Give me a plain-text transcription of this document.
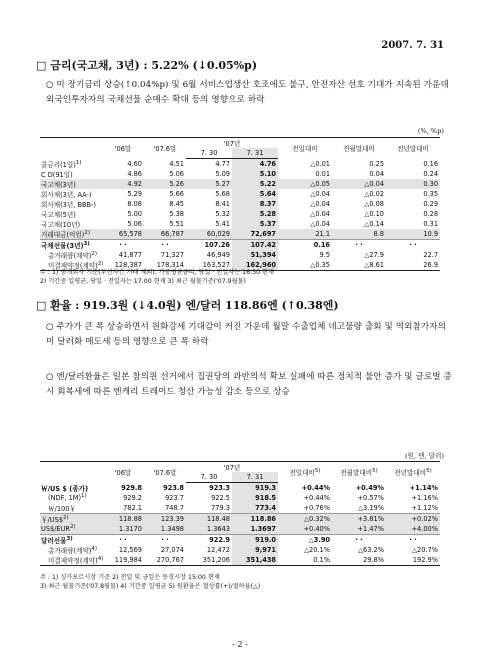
2007. 7. 31
□ 금리(국고채, 3년) : 5.22% (↓0.05%p)
○ 미 장기금리 상승(↑0.04%p) 및 6월 서비스업생산 호조에도 불구, 안전자산 선호 기대가 지속된 가운데 외국인투자자의 국채선물 순매수 확대 등의 영향으로 하락
(%, %p)
	'06말	'07.6말	'07년		전일대비	전월말대비	전년말대비
			7. 30	7. 31			
콜금리(1일)$^{1)}$	4.60	4.51	4.77	4.76	△0.01	0.25	0.16
C D(91일)	4.86	5.06	5.09	5.10	0.01	0.04	0.24
국고채(3년)	4.92	5.26	5.27	5.22	△0.05	△0.04	0.30
회사채(3년, AA-)	5.29	5.66	5.68	5.64	△0.04	△0.02	0.35
회사채(3년, BBB-)	8.08	8.45	8.41	8.37	△0.04	△0.08	0.29
국고채(5년)	5.00	5.38	5.32	5.28	△0.04	△0.10	0.28
국고채(10년)	5.06	5.51	5.41	5.37	△0.04	△0.14	0.31
거래대금(억원)$^{2)}$	65,578	66,787	60,029	72,697	21.1	8.8	10.9
국채선물(3년)$^{3)}$	· ·	· ·	107.26	107.42	0.16	· ·	· ·
총거래량(계약)$^{2)}$	41,877	71,327	46,949	51,394	9.5	△27.9	22.7
미결제약정(계약)$^{2)}$	128,387	178,314	163,527	162,960	△0.35	△8.61	26.9
주 : 1) 중개회사 기준(투신사간 거래 제외), 가중평균금리, 당일 · 전일자는 16:30 현재
2) 기간중 일평균, 당일 · 전일자는 17:00 현재 3) 최근 월물기준('07.9월물)
□ 환율 : 919.3원 (↓4.0원) 엔/달러 118.86엔 (↑0.38엔)
○ 주가가 큰 폭 상승하면서 원화강세 기대감이 커진 가운데 월말 수출업체 네고물량 출회 및 역외참가자의 미 달러화 매도세 등의 영향으로 큰 폭 하락
○ 엔/달러환율은 일본 참의원 선거에서 집권당의 과반의석 확보 실패에 따른 정치적 불안 증가 및 글로벌 증시 회복세에 따른 엔캐리 트레이드 청산 가능성 감소 등으로 상승
(원, 엔, 달러)
	'06말	'07.6말	'07년		전일대비$^{5)}$	전월말대비$^{5)}$	전년말대비$^{5)}$
			7. 30	7. 31			
￦/US $ (종가)	929.8	923.8	923.3	919.3	+0.44%	+0.49%	+1.14%
(NDF, 1M)$^{1)}$	929.2	923.7	922.5	918.5	+0.44%	+0.57%	+1.16%
￦/100￥	782.1	748.7	779.3	773.4	+0.76%	△3.19%	+1.12%
￥/US\$$^{2)}$	118.88	123.39	118.48	118.86	△0.32%	+3.81%	+0.02%
US$/EUR$^{2)}$	1.3170	1.3498	1.3643	1.3697	+0.40%	+1.47%	+4.00%
달러선물$^{3)}$	· ·	· ·	922.9	919.0	△3.90	· ·	· ·
총거래량(계약)$^{4)}$	12,569	27,074	12,472	9,971	△20.1%	△63.2%	△20.7%
미결제약정(계약)$^{4)}$	119,984	270,767	351,206	351,438	0.1%	29.8%	192.9%
주 : 1) 싱가포르시장 기준 2) 전일 및 금일은 동경시장 15:00 현재
3) 최근 월물기준('07.8월물) 4) 기간중 일평균 5) 원환율은 절상률(+)/절하율(△)
- 2 -
